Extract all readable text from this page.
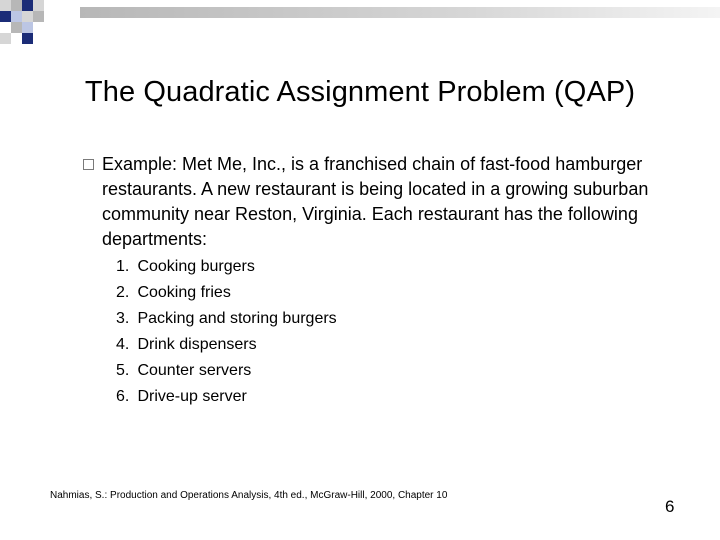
The Quadratic Assignment Problem (QAP)
Example: Met Me, Inc., is a franchised chain of fast-food hamburger restaurants. A new restaurant is being located in a growing suburban community near Reston, Virginia. Each restaurant has the following departments:
1. Cooking burgers
2. Cooking fries
3. Packing and storing burgers
4. Drink dispensers
5. Counter servers
6. Drive-up server
Nahmias, S.: Production and Operations Analysis, 4th ed., McGraw-Hill, 2000, Chapter 10
6
